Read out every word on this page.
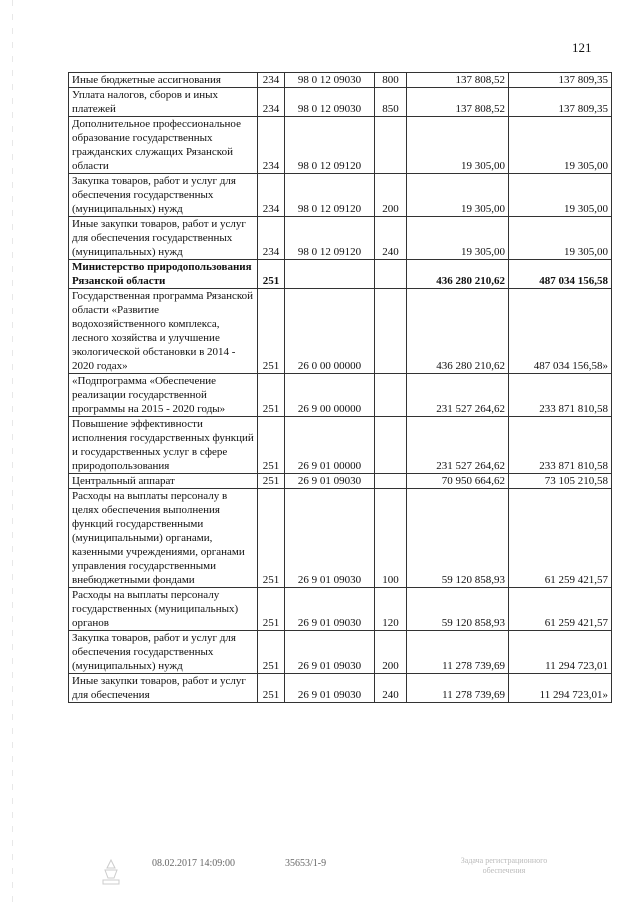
121
Иные бюджетные ассигнования	234	98 0 12 09030	800	137 808,52	137 809,35
Уплата налогов, сборов и иных платежей	234	98 0 12 09030	850	137 808,52	137 809,35
Дополнительное профессиональное образование государственных гражданских служащих Рязанской области	234	98 0 12 09120		19 305,00	19 305,00
Закупка товаров, работ и услуг для обеспечения государственных (муниципальных) нужд	234	98 0 12 09120	200	19 305,00	19 305,00
Иные закупки товаров, работ и услуг для обеспечения государственных (муниципальных) нужд	234	98 0 12 09120	240	19 305,00	19 305,00
Министерство природопользования Рязанской области	251			436 280 210,62	487 034 156,58
Государственная программа Рязанской области «Развитие водохозяйственного комплекса, лесного хозяйства и улучшение экологической обстановки в 2014 - 2020 годах»	251	26 0 00 00000		436 280 210,62	487 034 156,58»
«Подпрограмма «Обеспечение реализации государственной программы на 2015 - 2020 годы»	251	26 9 00 00000		231 527 264,62	233 871 810,58
Повышение эффективности исполнения государственных функций и государственных услуг в сфере природопользования	251	26 9 01 00000		231 527 264,62	233 871 810,58
Центральный аппарат	251	26 9 01 09030		70 950 664,62	73 105 210,58
Расходы на выплаты персоналу в целях обеспечения выполнения функций государственными (муниципальными) органами, казенными учреждениями, органами управления государственными внебюджетными фондами	251	26 9 01 09030	100	59 120 858,93	61 259 421,57
Расходы на выплаты персоналу государственных (муниципальных) органов	251	26 9 01 09030	120	59 120 858,93	61 259 421,57
Закупка товаров, работ и услуг для обеспечения государственных (муниципальных) нужд	251	26 9 01 09030	200	11 278 739,69	11 294 723,01
Иные закупки товаров, работ и услуг для обеспечения	251	26 9 01 09030	240	11 278 739,69	11 294 723,01»
08.02.2017 14:09:00	35653/1-9	Задача регистрационного обеспечения
